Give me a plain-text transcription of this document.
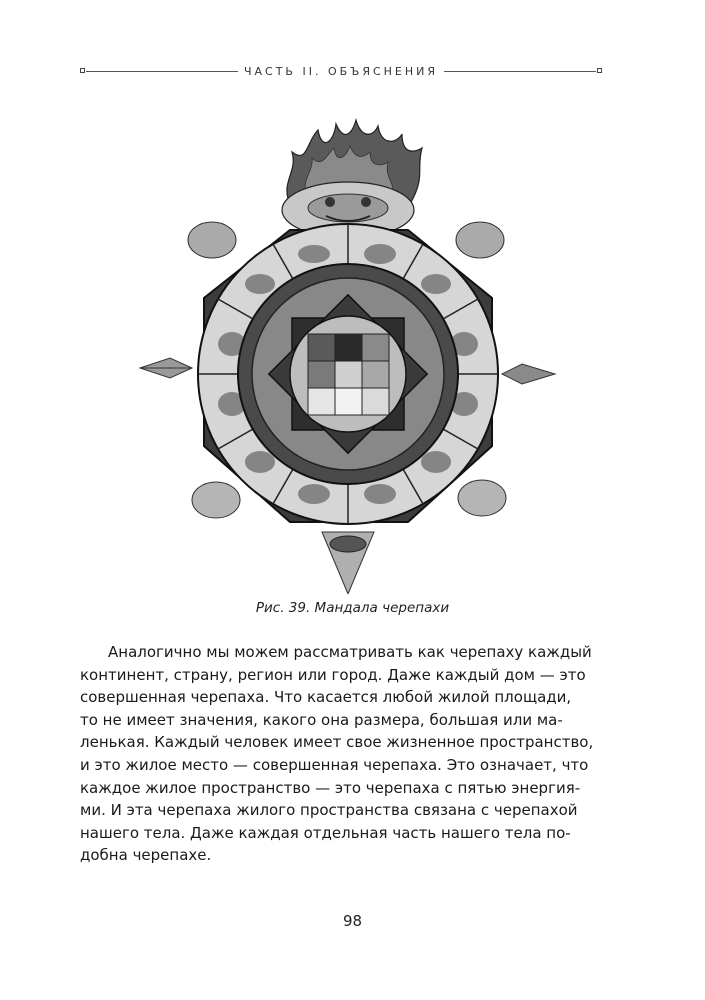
ЧАСТЬ II. ОБЪЯСНЕНИЯ
Рис. 39. Мандала черепахи
Аналогично мы можем рассматривать как черепаху каждый
континент, страну, регион или город. Даже каждый дом — это
совершенная черепаха. Что касается любой жилой площади,
то не имеет значения, какого она размера, большая или ма-
ленькая. Каждый человек имеет свое жизненное пространство,
и это жилое место — совершенная черепаха. Это означает, что
каждое жилое пространство — это черепаха с пятью энергия-
ми. И эта черепаха жилого пространства связана с черепахой
нашего тела. Даже каждая отдельная часть нашего тела по-
добна черепахе.
98
